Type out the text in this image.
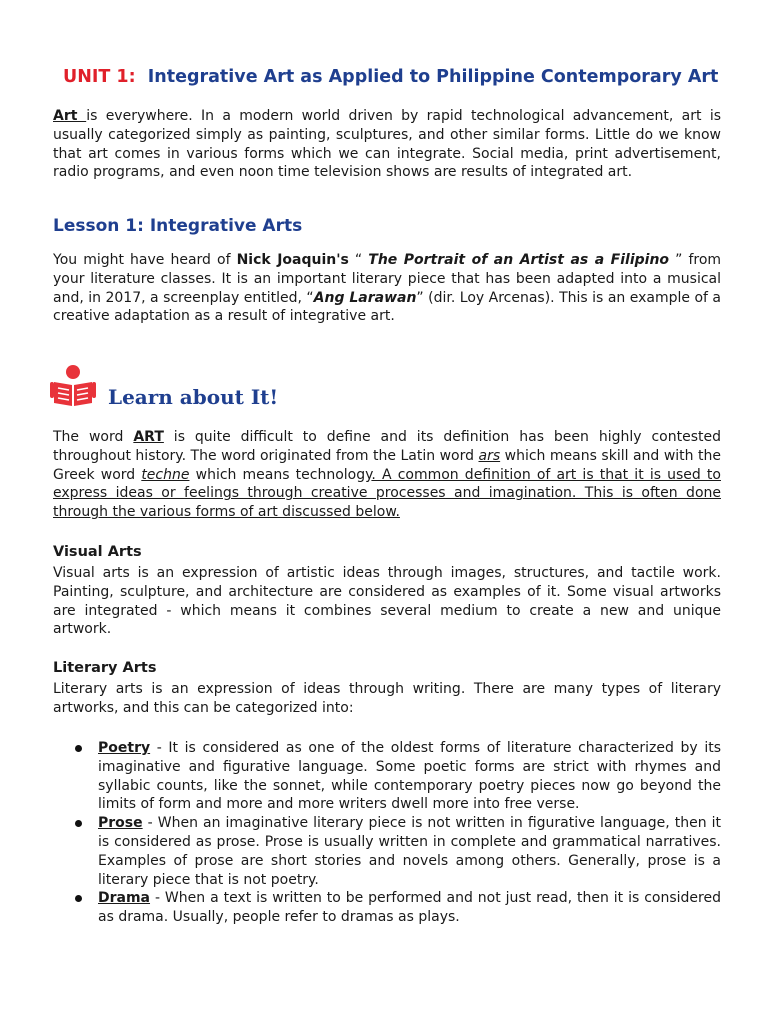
UNIT 1: Integrative Art as Applied to Philippine Contemporary Art
Art is everywhere. In a modern world driven by rapid technological advancement, art is usually categorized simply as painting, sculptures, and other similar forms. Little do we know that art comes in various forms which we can integrate. Social media, print advertisement, radio programs, and even noon time television shows are results of integrated art.
Lesson 1: Integrative Arts
You might have heard of Nick Joaquin's “ The Portrait of an Artist as a Filipino ” from your literature classes. It is an important literary piece that has been adapted into a musical and, in 2017, a screenplay entitled, “Ang Larawan” (dir. Loy Arcenas). This is an example of a creative adaptation as a result of integrative art.
Learn about It!
The word ART is quite difficult to define and its definition has been highly contested throughout history. The word originated from the Latin word ars which means skill and with the Greek word techne which means technology. A common definition of art is that it is used to express ideas or feelings through creative processes and imagination. This is often done through the various forms of art discussed below.
Visual Arts
Visual arts is an expression of artistic ideas through images, structures, and tactile work. Painting, sculpture, and architecture are considered as examples of it. Some visual artworks are integrated - which means it combines several medium to create a new and unique artwork.
Literary Arts
Literary arts is an expression of ideas through writing. There are many types of literary artworks, and this can be categorized into:
Poetry - It is considered as one of the oldest forms of literature characterized by its imaginative and figurative language. Some poetic forms are strict with rhymes and syllabic counts, like the sonnet, while contemporary poetry pieces now go beyond the limits of form and more and more writers dwell more into free verse.
Prose - When an imaginative literary piece is not written in figurative language, then it is considered as prose. Prose is usually written in complete and grammatical narratives. Examples of prose are short stories and novels among others. Generally, prose is a literary piece that is not poetry.
Drama - When a text is written to be performed and not just read, then it is considered as drama. Usually, people refer to dramas as plays.
